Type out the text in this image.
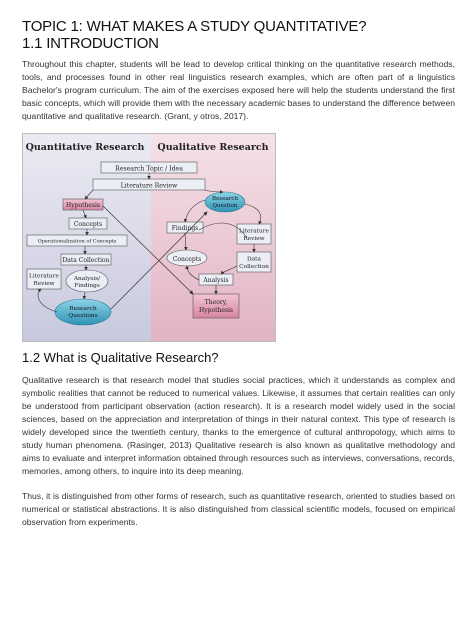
TOPIC 1: WHAT MAKES A STUDY QUANTITATIVE?
1.1 INTRODUCTION
Throughout this chapter, students will be lead to develop critical thinking on the quantitative research methods, tools, and processes found in other real linguistics research examples, which are often part of a linguistics Bachelor's program curriculum. The aim of the exercises exposed here will help the students understand the first basic concepts, which will provide them with the necessary academic bases to understand the difference between quantitative and qualitative research. (Grant, y otros, 2017).
Quantitative Research Qualitative Research
Research Topic / Idea
Literature Review
Hypothesis
Concepts
Operationalization of Concepts
Data Collection
Literature
Review
Analysis/
Findings
Research
Questions
Research
Question
Findings	Literature
Review
Concepts	Data
Collection
Analysis
Theory,
Hypothesis
1.2 What is Qualitative Research?
Qualitative research is that research model that studies social practices, which it understands as complex and symbolic realities that cannot be reduced to numerical values. Likewise, it assumes that certain realities can only be understood from participant observation (action research). It is a research model widely used in the social sciences, based on the appreciation and interpretation of things in their natural context. This type of research is widely developed since the twentieth century, thanks to the emergence of cultural anthropology, which aims to study human phenomena. (Rasinger, 2013) Qualitative research is also known as qualitative methodology and aims to evaluate and interpret information obtained through resources such as interviews, conversations, records, memories, among others, to inquire into its deep meaning.
Thus, it is distinguished from other forms of research, such as quantitative research, oriented to studies based on numerical or statistical abstractions. It is also distinguished from classical scientific models, focused on empirical observation from experiments.
